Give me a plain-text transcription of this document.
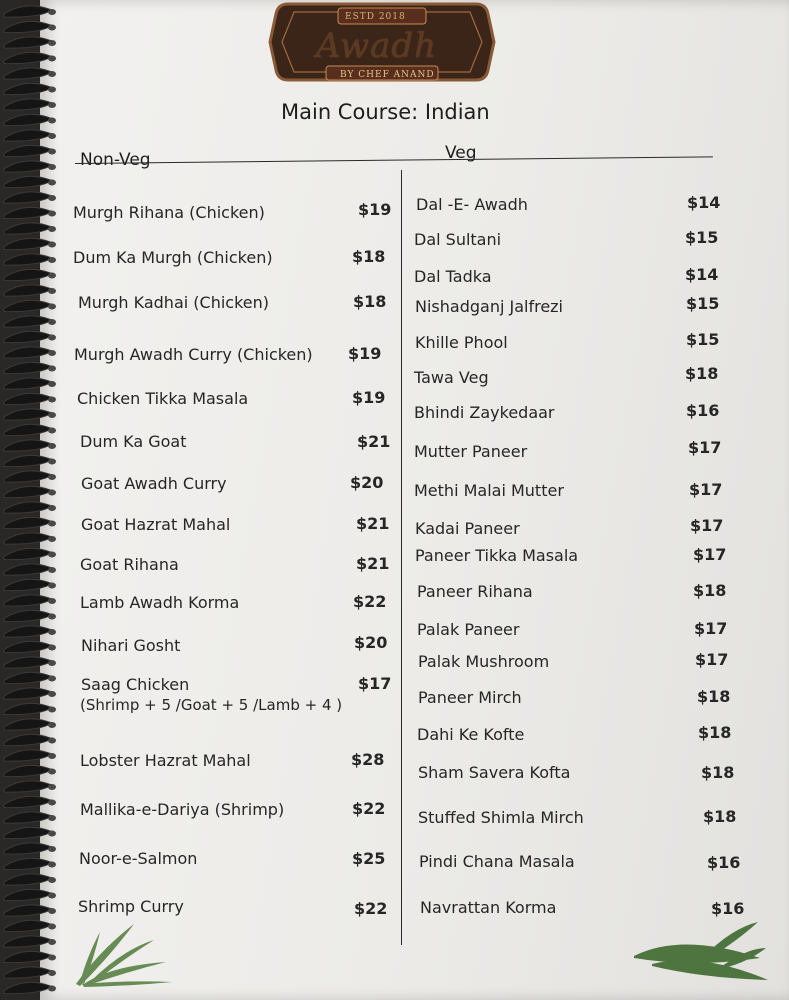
ESTD 2018
Awadh
BY CHEF ANAND
Main Course: Indian
Non-Veg	Veg
Murgh Rihana (Chicken)	$19
Dum Ka Murgh (Chicken)	$18
Murgh Kadhai (Chicken)	$18
Murgh Awadh Curry (Chicken) $19
Chicken Tikka Masala	$19
Dum Ka Goat	$21
Goat Awadh Curry	$20
Goat Hazrat Mahal	$21
Goat Rihana	$21
Lamb Awadh Korma	$22
Nihari Gosht	$20
Saag Chicken	$17
(Shrimp + 5 /Goat + 5 /Lamb + 4 )
Lobster Hazrat Mahal	$28
Mallika-e-Dariya (Shrimp)	$22
Noor-e-Salmon	$25
Shrimp Curry	$22
Dal -E- Awadh	$14
Dal Sultani	$15
Dal Tadka	$14
Nishadganj Jalfrezi	$15
Khille Phool	$15
Tawa Veg	$18
Bhindi Zaykedaar	$16
Mutter Paneer	$17
Methi Malai Mutter	$17
Kadai Paneer	$17
Paneer Tikka Masala	$17
Paneer Rihana	$18
Palak Paneer	$17
Palak Mushroom	$17
Paneer Mirch	$18
Dahi Ke Kofte	$18
Sham Savera Kofta	$18
Stuffed Shimla Mirch	$18
Pindi Chana Masala	$16
Navrattan Korma	$16
